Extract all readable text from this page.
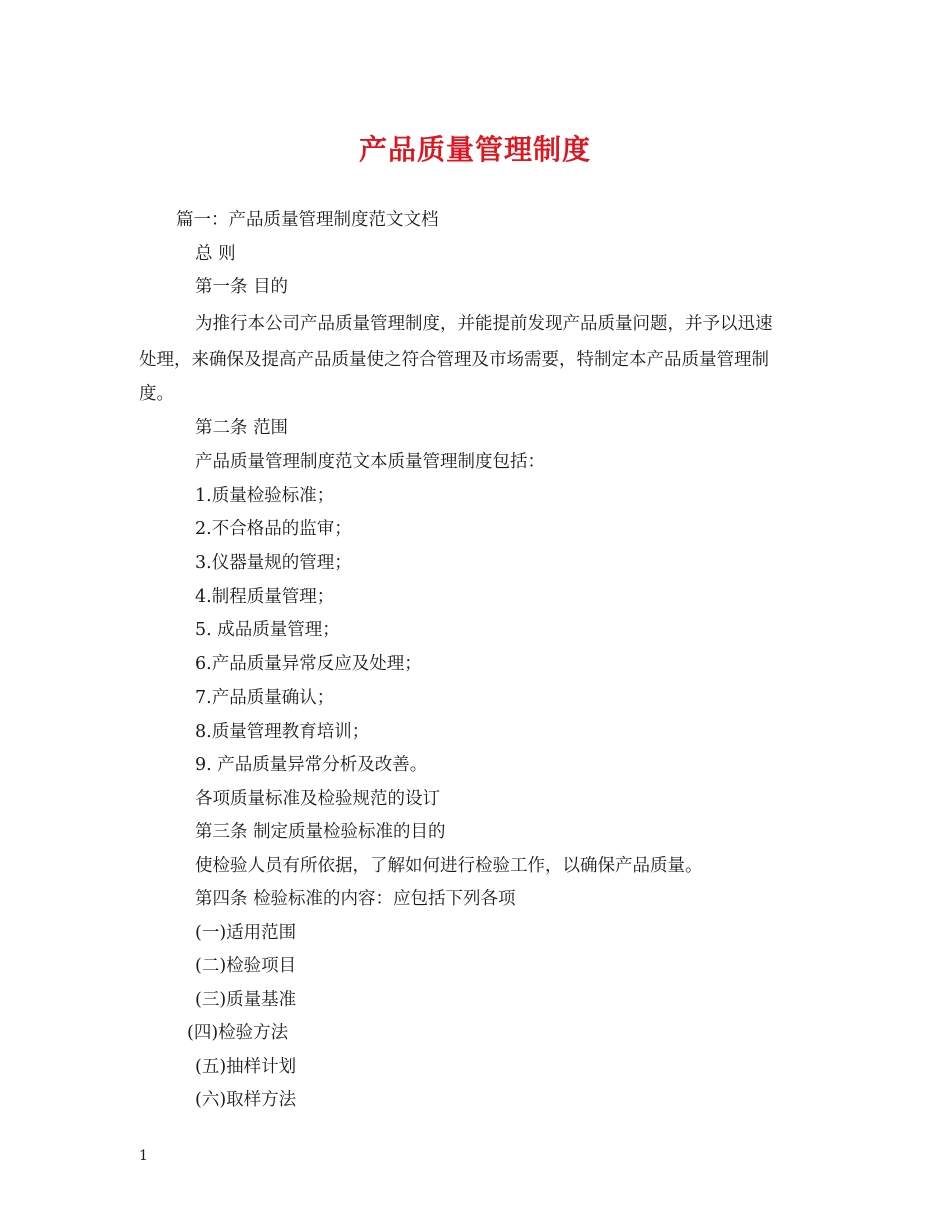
产品质量管理制度
篇一：产品质量管理制度范文文档
总 则
第一条 目的
为推行本公司产品质量管理制度，并能提前发现产品质量问题，并予以迅速
处理，来确保及提高产品质量使之符合管理及市场需要，特制定本产品质量管理制
度。
第二条 范围
产品质量管理制度范文本质量管理制度包括：
1.质量检验标准；
2.不合格品的监审；
3.仪器量规的管理；
4.制程质量管理；
5. 成品质量管理；
6.产品质量异常反应及处理；
7.产品质量确认；
8.质量管理教育培训；
9. 产品质量异常分析及改善。
各项质量标准及检验规范的设订
第三条 制定质量检验标准的目的
使检验人员有所依据，了解如何进行检验工作，以确保产品质量。
第四条 检验标准的内容：应包括下列各项
(一)适用范围
(二)检验项目
(三)质量基准
(四)检验方法
(五)抽样计划
(六)取样方法
1
